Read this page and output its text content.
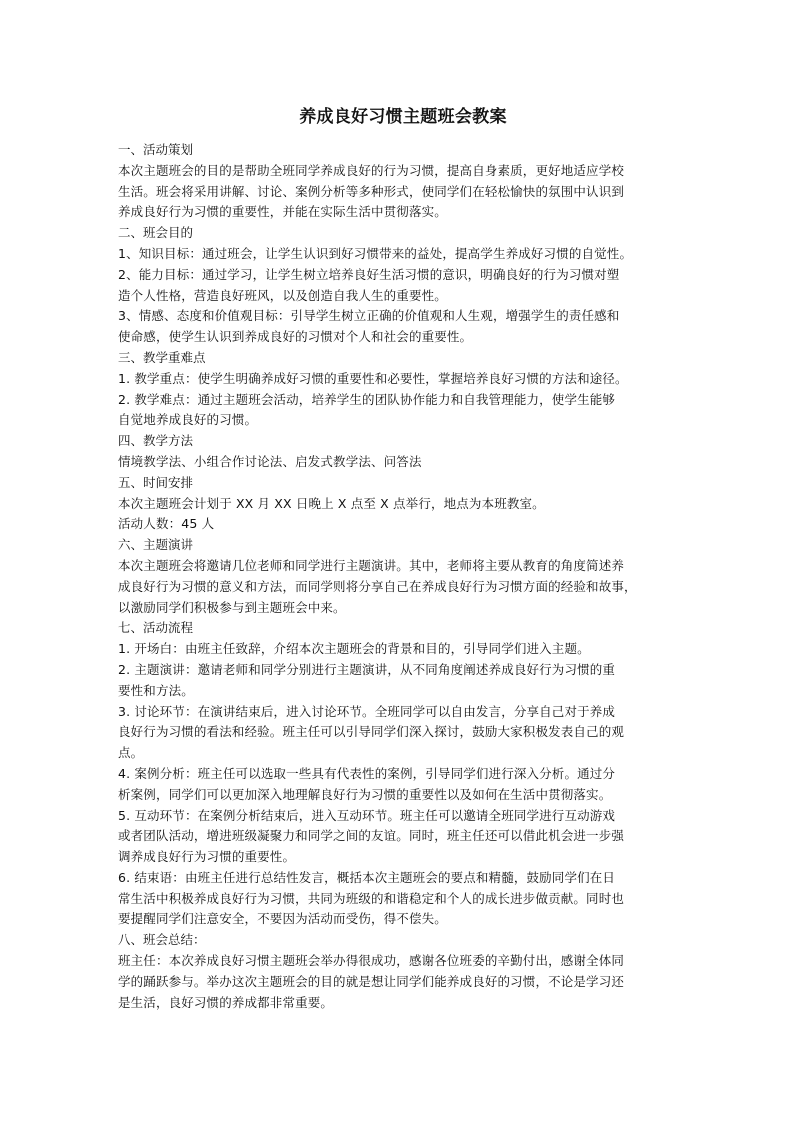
养成良好习惯主题班会教案

一、活动策划

本次主题班会的目的是帮助全班同学养成良好的行为习惯，提高自身素质，更好地适应学校

生活。班会将采用讲解、讨论、案例分析等多种形式，使同学们在轻松愉快的氛围中认识到

养成良好行为习惯的重要性，并能在实际生活中贯彻落实。

二、班会目的

1、知识目标：通过班会，让学生认识到好习惯带来的益处，提高学生养成好习惯的自觉性。

2、能力目标：通过学习，让学生树立培养良好生活习惯的意识，明确良好的行为习惯对塑

造个人性格，营造良好班风，以及创造自我人生的重要性。

3、情感、态度和价值观目标：引导学生树立正确的价值观和人生观，增强学生的责任感和

使命感，使学生认识到养成良好的习惯对个人和社会的重要性。

三、教学重难点

1. 教学重点：使学生明确养成好习惯的重要性和必要性，掌握培养良好习惯的方法和途径。

2. 教学难点：通过主题班会活动，培养学生的团队协作能力和自我管理能力，使学生能够

自觉地养成良好的习惯。

四、教学方法

情境教学法、小组合作讨论法、启发式教学法、问答法

五、时间安排

本次主题班会计划于 XX 月 XX 日晚上 X 点至 X 点举行，地点为本班教室。

活动人数：45 人

六、主题演讲

本次主题班会将邀请几位老师和同学进行主题演讲。其中，老师将主要从教育的角度简述养

成良好行为习惯的意义和方法，而同学则将分享自己在养成良好行为习惯方面的经验和故事，

以激励同学们积极参与到主题班会中来。

七、活动流程

1. 开场白：由班主任致辞，介绍本次主题班会的背景和目的，引导同学们进入主题。

2. 主题演讲：邀请老师和同学分别进行主题演讲，从不同角度阐述养成良好行为习惯的重

要性和方法。

3. 讨论环节：在演讲结束后，进入讨论环节。全班同学可以自由发言，分享自己对于养成

良好行为习惯的看法和经验。班主任可以引导同学们深入探讨，鼓励大家积极发表自己的观

点。

4. 案例分析：班主任可以选取一些具有代表性的案例，引导同学们进行深入分析。通过分

析案例，同学们可以更加深入地理解良好行为习惯的重要性以及如何在生活中贯彻落实。

5. 互动环节：在案例分析结束后，进入互动环节。班主任可以邀请全班同学进行互动游戏

或者团队活动，增进班级凝聚力和同学之间的友谊。同时，班主任还可以借此机会进一步强

调养成良好行为习惯的重要性。

6. 结束语：由班主任进行总结性发言，概括本次主题班会的要点和精髓，鼓励同学们在日

常生活中积极养成良好行为习惯，共同为班级的和谐稳定和个人的成长进步做贡献。同时也

要提醒同学们注意安全，不要因为活动而受伤，得不偿失。

八、班会总结：

班主任：本次养成良好习惯主题班会举办得很成功，感谢各位班委的辛勤付出，感谢全体同

学的踊跃参与。举办这次主题班会的目的就是想让同学们能养成良好的习惯，不论是学习还

是生活，良好习惯的养成都非常重要。
